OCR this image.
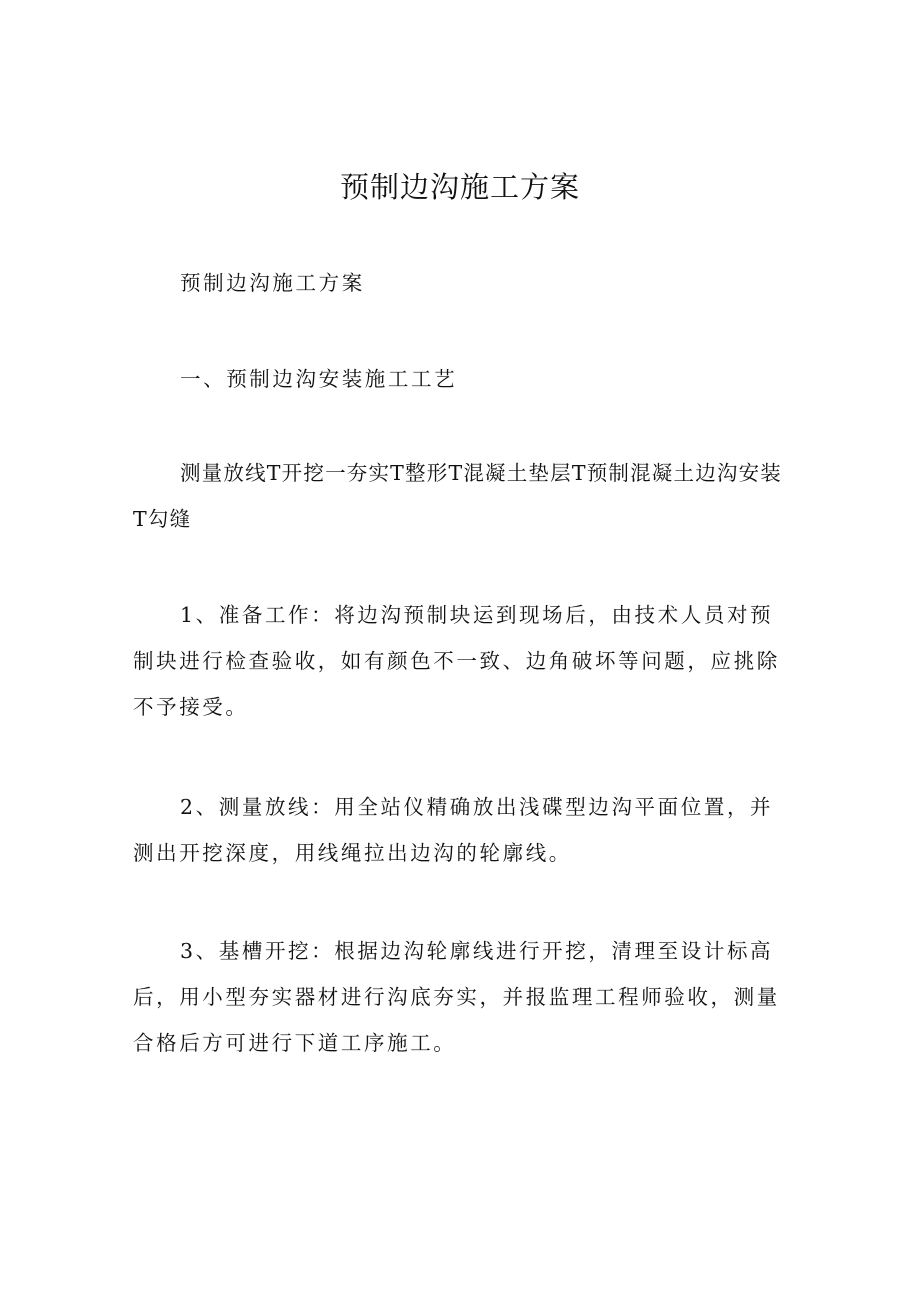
预制边沟施工方案

预制边沟施工方案

一、预制边沟安装施工工艺

测量放线T开挖一夯实T整形T混凝土垫层T预制混凝土边沟安装T勾缝

1、准备工作：将边沟预制块运到现场后，由技术人员对预制块进行检查验收，如有颜色不一致、边角破坏等问题，应挑除不予接受。

2、测量放线：用全站仪精确放出浅碟型边沟平面位置，并测出开挖深度，用线绳拉出边沟的轮廓线。

3、基槽开挖：根据边沟轮廓线进行开挖，清理至设计标高后，用小型夯实器材进行沟底夯实，并报监理工程师验收，测量合格后方可进行下道工序施工。
